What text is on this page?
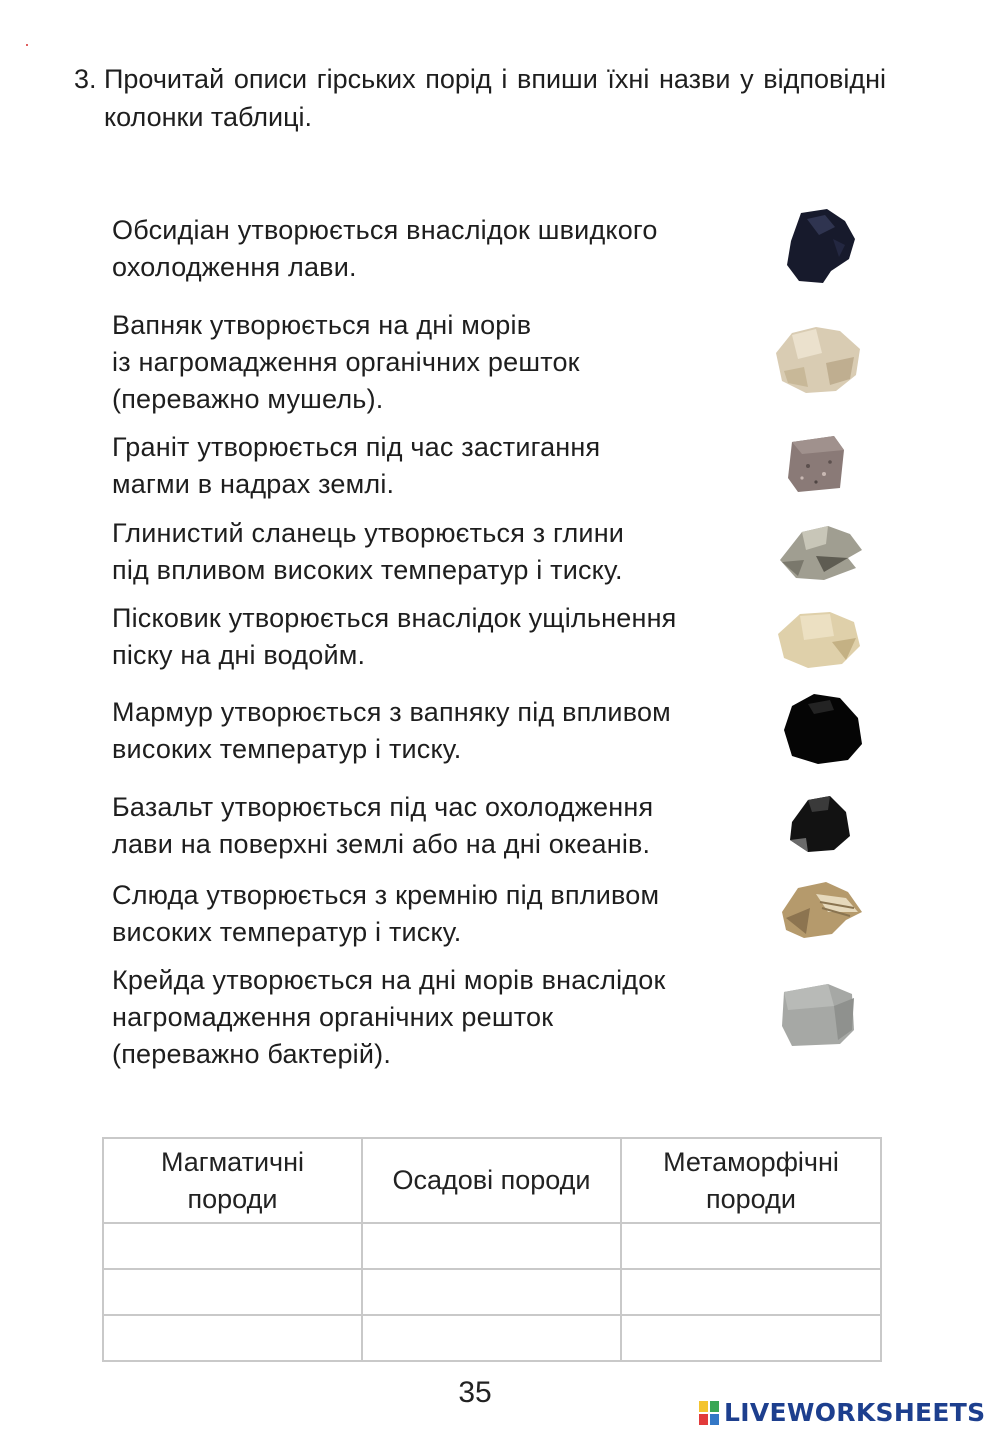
3. Прочитай описи гірських порід і впиши їхні назви у відповідні колонки таблиці.
Обсидіан утворюється внаслідок швидкого
охолодження лави.
Вапняк утворюється на дні морів
із нагромадження органічних решток
(переважно мушель).
Граніт утворюється під час застигання
магми в надрах землі.
Глинистий сланець утворюється з глини
під впливом високих температур і тиску.
Пісковик утворюється внаслідок ущільнення
піску на дні водойм.
Мармур утворюється з вапняку під впливом
високих температур і тиску.
Базальт утворюється під час охолодження
лави на поверхні землі або на дні океанів.
Слюда утворюється з кремнію під впливом
високих температур і тиску.
Крейда утворюється на дні морів внаслідок
нагромадження органічних решток
(переважно бактерій).
Магматичні
породи	Осадові породи	Метаморфічні
породи

35
LIVEWORKSHEETS
